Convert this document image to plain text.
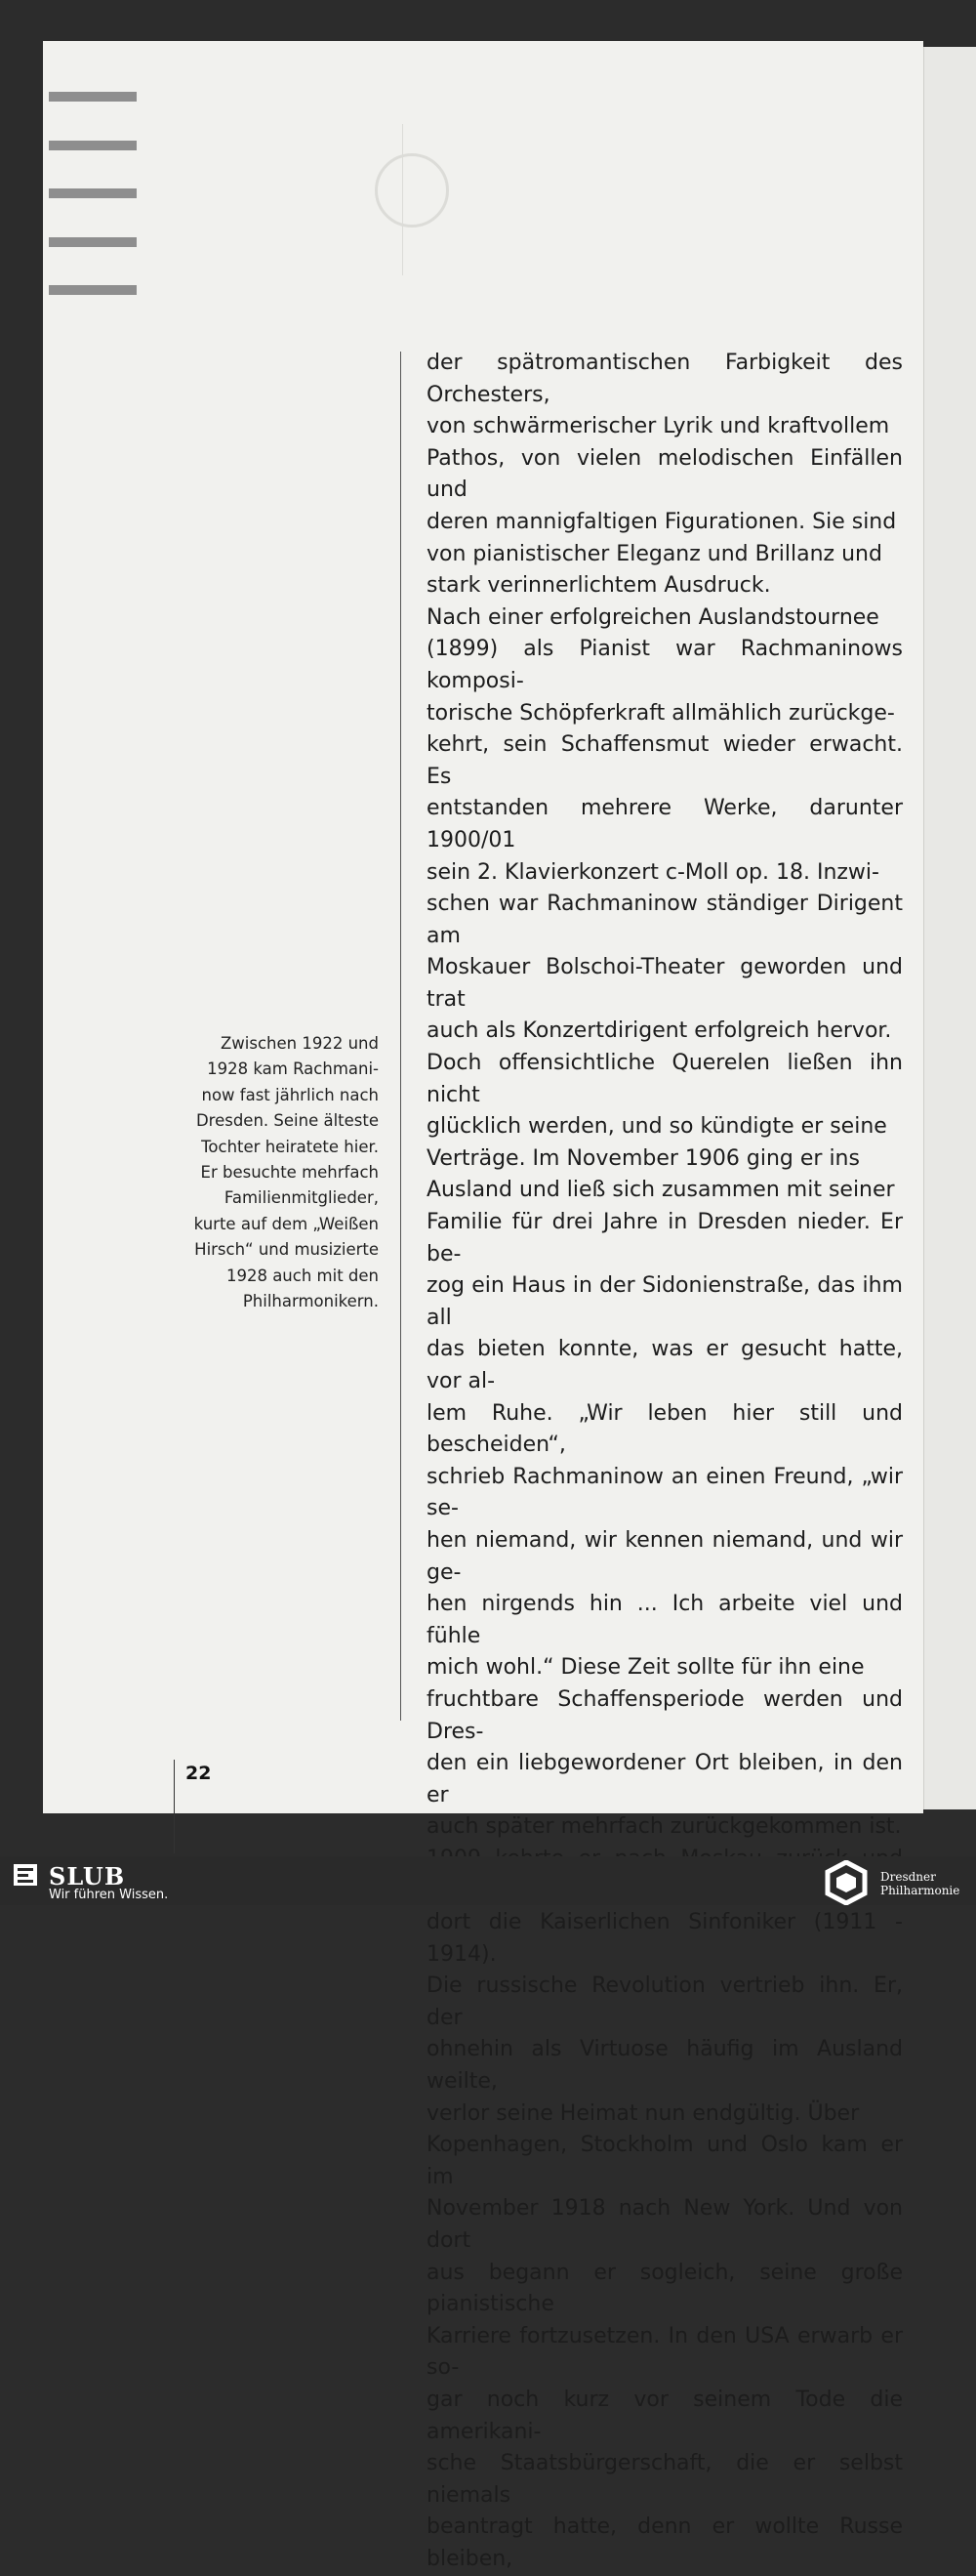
der spätromantischen Farbigkeit des Orchesters,
von schwärmerischer Lyrik und kraftvollem
Pathos, von vielen melodischen Einfällen und
deren mannigfaltigen Figurationen. Sie sind
von pianistischer Eleganz und Brillanz und
stark verinnerlichtem Ausdruck.
Nach einer erfolgreichen Auslandstournee
(1899) als Pianist war Rachmaninows komposi-
torische Schöpferkraft allmählich zurückge-
kehrt, sein Schaffensmut wieder erwacht. Es
entstanden mehrere Werke, darunter 1900/01
sein 2. Klavierkonzert c-Moll op. 18. Inzwi-
schen war Rachmaninow ständiger Dirigent am
Moskauer Bolschoi-Theater geworden und trat
auch als Konzertdirigent erfolgreich hervor.
Doch offensichtliche Querelen ließen ihn nicht
glücklich werden, und so kündigte er seine
Verträge. Im November 1906 ging er ins
Ausland und ließ sich zusammen mit seiner
Familie für drei Jahre in Dresden nieder. Er be-
zog ein Haus in der Sidonienstraße, das ihm all
das bieten konnte, was er gesucht hatte, vor al-
lem Ruhe. „Wir leben hier still und bescheiden“,
schrieb Rachmaninow an einen Freund, „wir se-
hen niemand, wir kennen niemand, und wir ge-
hen nirgends hin ... Ich arbeite viel und fühle
mich wohl.“ Diese Zeit sollte für ihn eine
fruchtbare Schaffensperiode werden und Dres-
den ein liebgewordener Ort bleiben, in den er
auch später mehrfach zurückgekommen ist.
dort die Kaiserlichen Sinfoniker (1911 - 1914).
Die russische Revolution vertrieb ihn. Er, der
ohnehin als Virtuose häufig im Ausland weilte,
verlor seine Heimat nun endgültig. Über
Kopenhagen, Stockholm und Oslo kam er im
November 1918 nach New York. Und von dort
aus begann er sogleich, seine große pianistische
Karriere fortzusetzen. In den USA erwarb er so-
gar noch kurz vor seinem Tode die amerikani-
sche Staatsbürgerschaft, die er selbst niemals
beantragt hatte, denn er wollte Russe bleiben,
Zwischen 1922 und
1928 kam Rachmani-
now fast jährlich nach
Dresden. Seine älteste
Tochter heiratete hier.
Er besuchte mehrfach
Familienmitglieder,
kurte auf dem „Weißen
Hirsch“ und musizierte
1928 auch mit den
Philharmonikern.
22
SLUB
Wir führen Wissen.
Dresdner
Philharmonie
